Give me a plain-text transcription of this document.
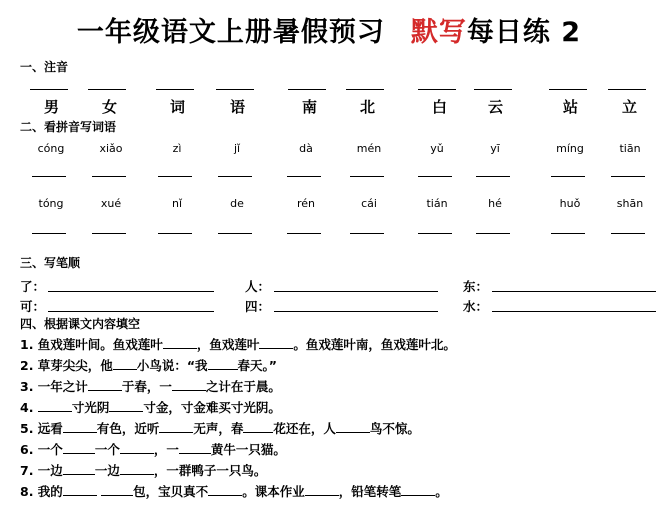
一年级语文上册暑假预习 默写每日练 2
一、注音
男	女	词	语	南	北	白	云	站	立
二、看拼音写词语
cóng	xiǎo	zì	jǐ	dà	mén	yǔ	yī	míng	tiān
tóng	xué	nǐ	de	rén	cái	tián	hé	huǒ	shān
三、写笔顺
了：	人：	东：
可：	四：	水：
四、根据课文内容填空
1. 鱼戏莲叶间。鱼戏莲叶	，鱼戏莲叶	。鱼戏莲叶南，鱼戏莲叶北。
2. 草芽尖尖，他 小鸟说：“我 春天。”
3. 一年之计	于春，一	之计在于晨。
4.	寸光阴	寸金，寸金难买寸光阴。
5. 远看	有色，近听	无声，春 花还在，人	鸟不惊。
6. 一个	一个	，一	黄牛一只猫。
7. 一边	一边	，一群鸭子一只鸟。
8. 我的	包，宝贝真不	。课本作业	，铅笔转笔	。
